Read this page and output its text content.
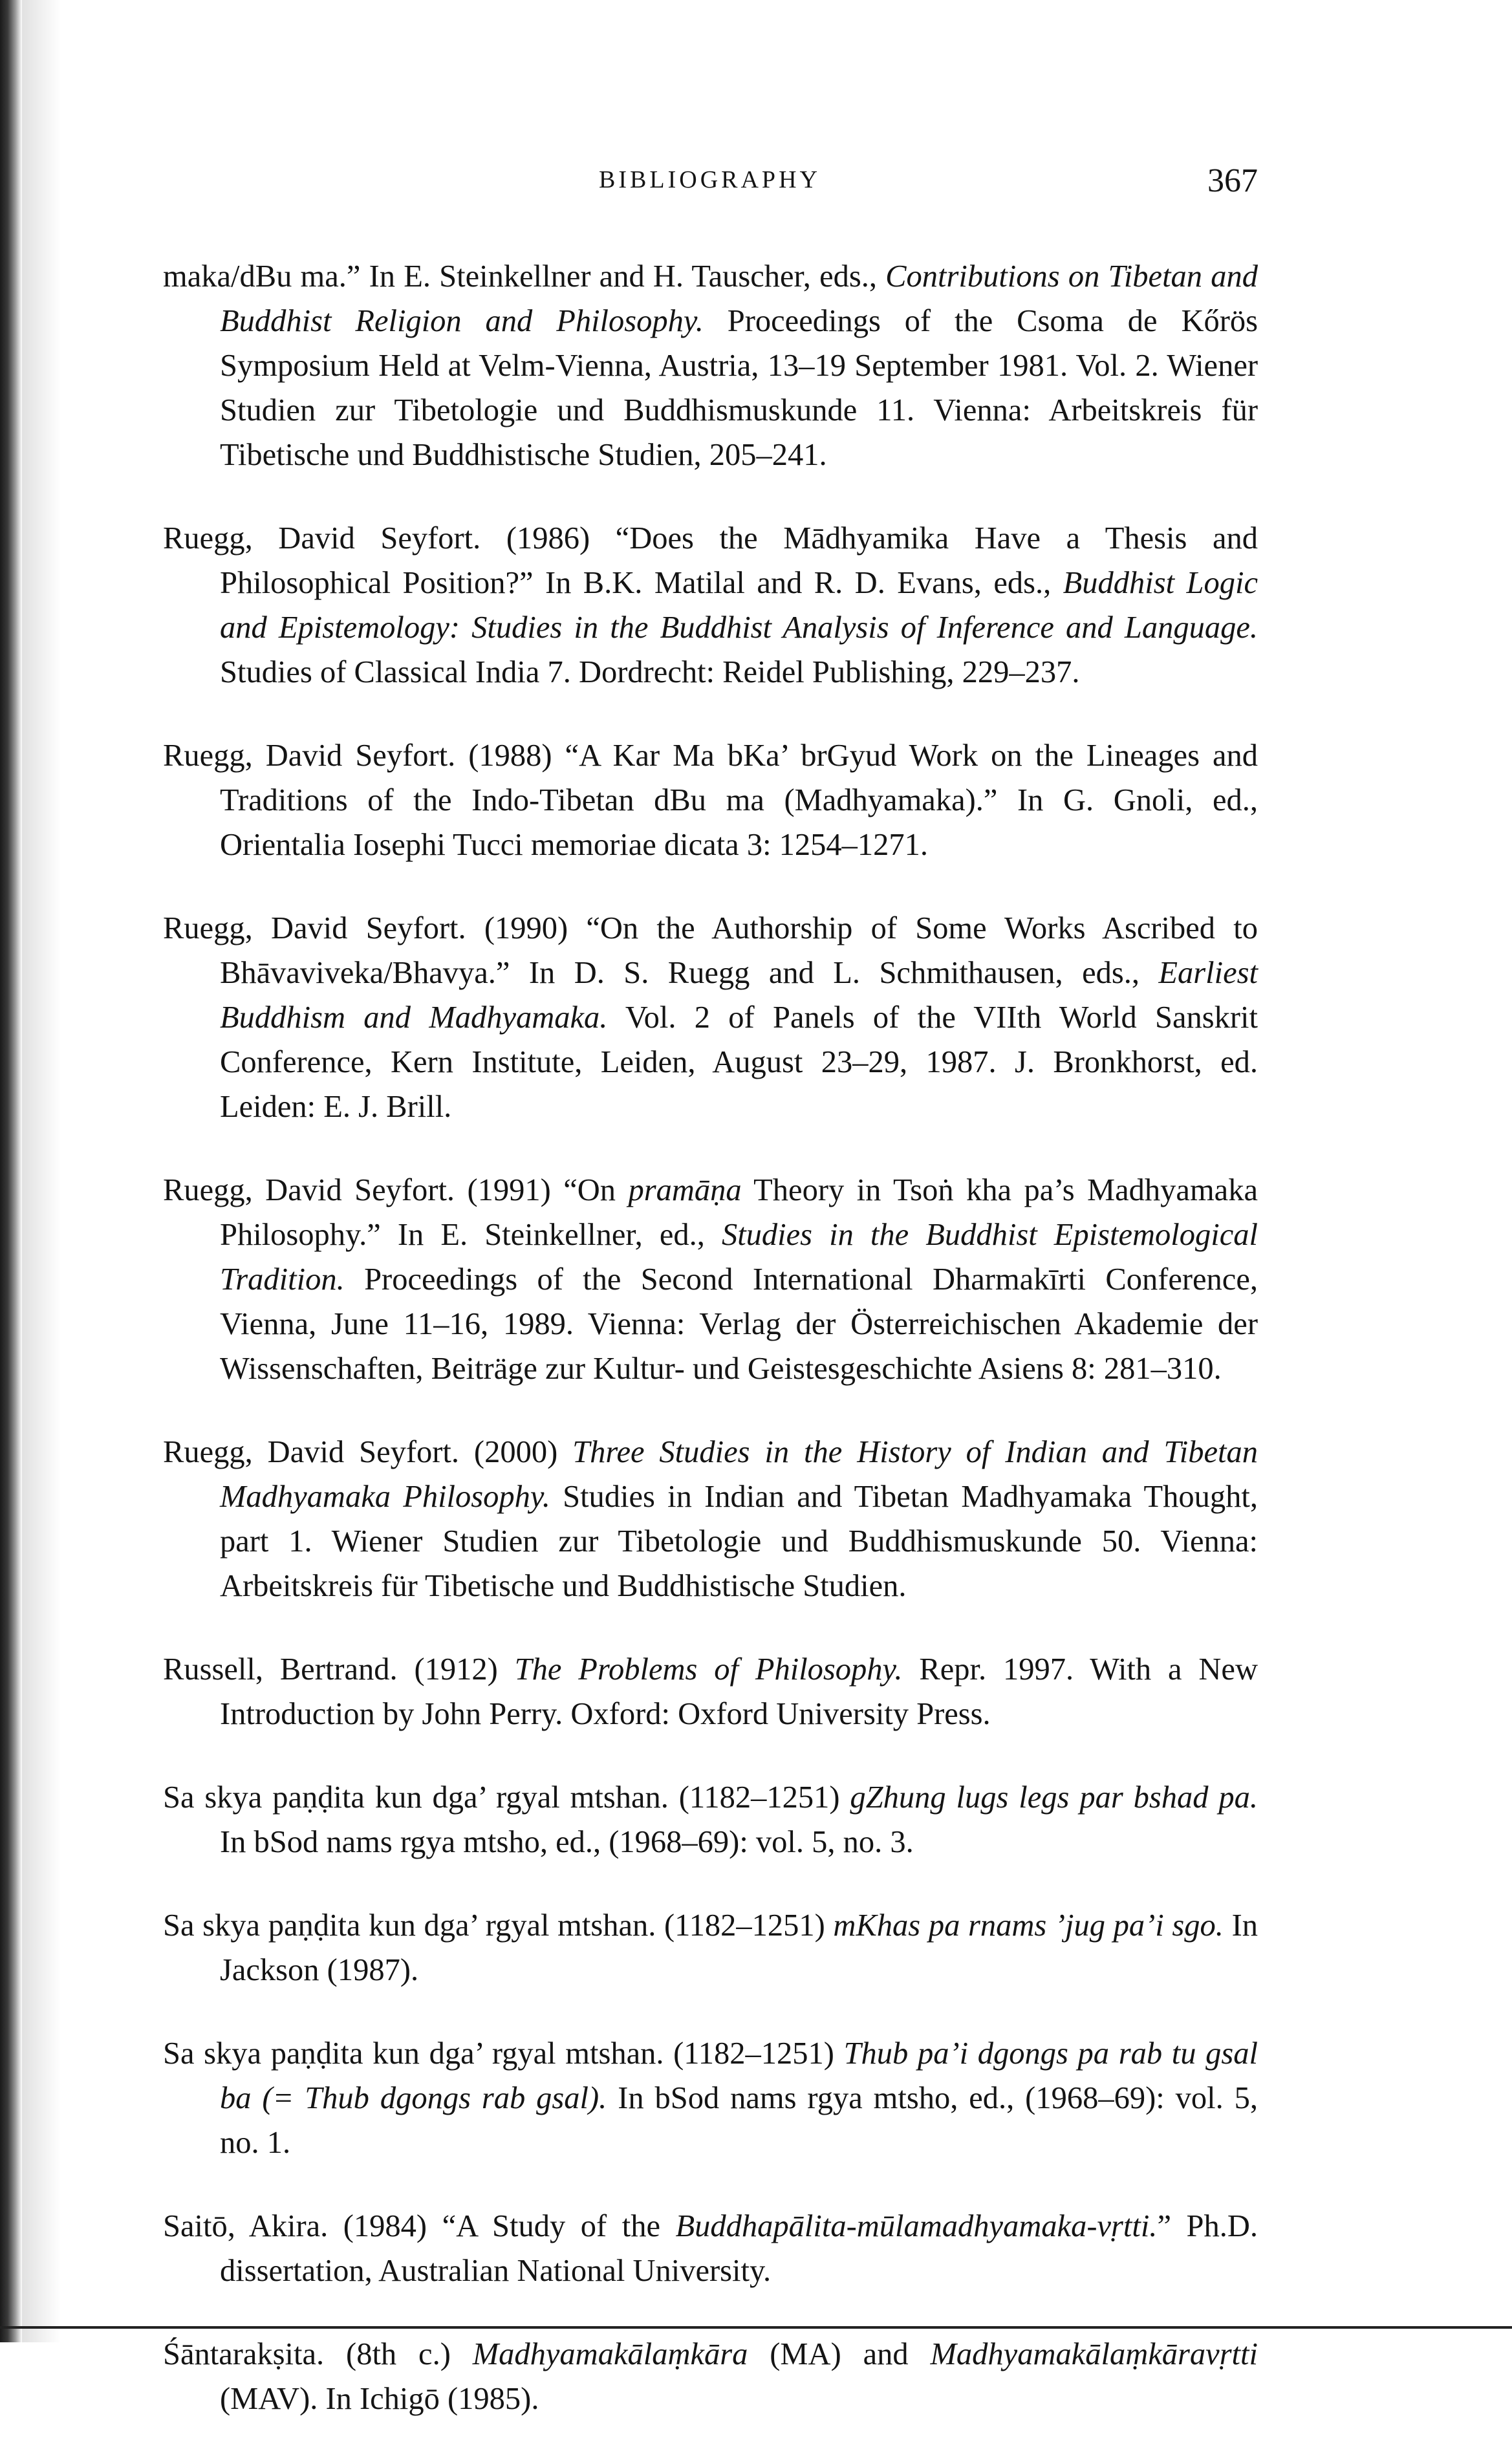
BIBLIOGRAPHY	367

maka/dBu ma.” In E. Steinkellner and H. Tauscher, eds., Contributions on Tibetan and Buddhist Religion and Philosophy. Proceedings of the Csoma de Kőrös Symposium Held at Velm-Vienna, Austria, 13–19 September 1981. Vol. 2. Wiener Studien zur Tibetologie und Buddhismuskunde 11. Vienna: Arbeitskreis für Tibetische und Buddhistische Studien, 205–241.

Ruegg, David Seyfort. (1986) “Does the Mādhyamika Have a Thesis and Philosophical Position?” In B.K. Matilal and R. D. Evans, eds., Buddhist Logic and Epistemology: Studies in the Buddhist Analysis of Inference and Language. Studies of Classical India 7. Dordrecht: Reidel Publishing, 229–237.

Ruegg, David Seyfort. (1988) “A Kar Ma bKa’ brGyud Work on the Lineages and Traditions of the Indo-Tibetan dBu ma (Madhyamaka).” In G. Gnoli, ed., Orientalia Iosephi Tucci memoriae dicata 3: 1254–1271.

Ruegg, David Seyfort. (1990) “On the Authorship of Some Works Ascribed to Bhāvaviveka/Bhavya.” In D. S. Ruegg and L. Schmithausen, eds., Earliest Buddhism and Madhyamaka. Vol. 2 of Panels of the VIIth World Sanskrit Conference, Kern Institute, Leiden, August 23–29, 1987. J. Bronkhorst, ed. Leiden: E. J. Brill.

Ruegg, David Seyfort. (1991) “On pramāṇa Theory in Tsoṅ kha pa’s Madhyamaka Philosophy.” In E. Steinkellner, ed., Studies in the Buddhist Epistemological Tradition. Proceedings of the Second International Dharmakīrti Conference, Vienna, June 11–16, 1989. Vienna: Verlag der Österreichischen Akademie der Wissenschaften, Beiträge zur Kultur- und Geistesgeschichte Asiens 8: 281–310.

Ruegg, David Seyfort. (2000) Three Studies in the History of Indian and Tibetan Madhyamaka Philosophy. Studies in Indian and Tibetan Madhyamaka Thought, part 1. Wiener Studien zur Tibetologie und Buddhismuskunde 50. Vienna: Arbeitskreis für Tibetische und Buddhistische Studien.

Russell, Bertrand. (1912) The Problems of Philosophy. Repr. 1997. With a New Introduction by John Perry. Oxford: Oxford University Press.

Sa skya paṇḍita kun dga’ rgyal mtshan. (1182–1251) gZhung lugs legs par bshad pa. In bSod nams rgya mtsho, ed., (1968–69): vol. 5, no. 3.

Sa skya paṇḍita kun dga’ rgyal mtshan. (1182–1251) mKhas pa rnams ’jug pa’i sgo. In Jackson (1987).

Sa skya paṇḍita kun dga’ rgyal mtshan. (1182–1251) Thub pa’i dgongs pa rab tu gsal ba (= Thub dgongs rab gsal). In bSod nams rgya mtsho, ed., (1968–69): vol. 5, no. 1.

Saitō, Akira. (1984) “A Study of the Buddhapālita-mūlamadhyamaka-vṛtti.” Ph.D. dissertation, Australian National University.

Śāntarakṣita. (8th c.) Madhyamakālaṃkāra (MA) and Madhyamakālaṃkāravṛtti (MAV). In Ichigō (1985).
